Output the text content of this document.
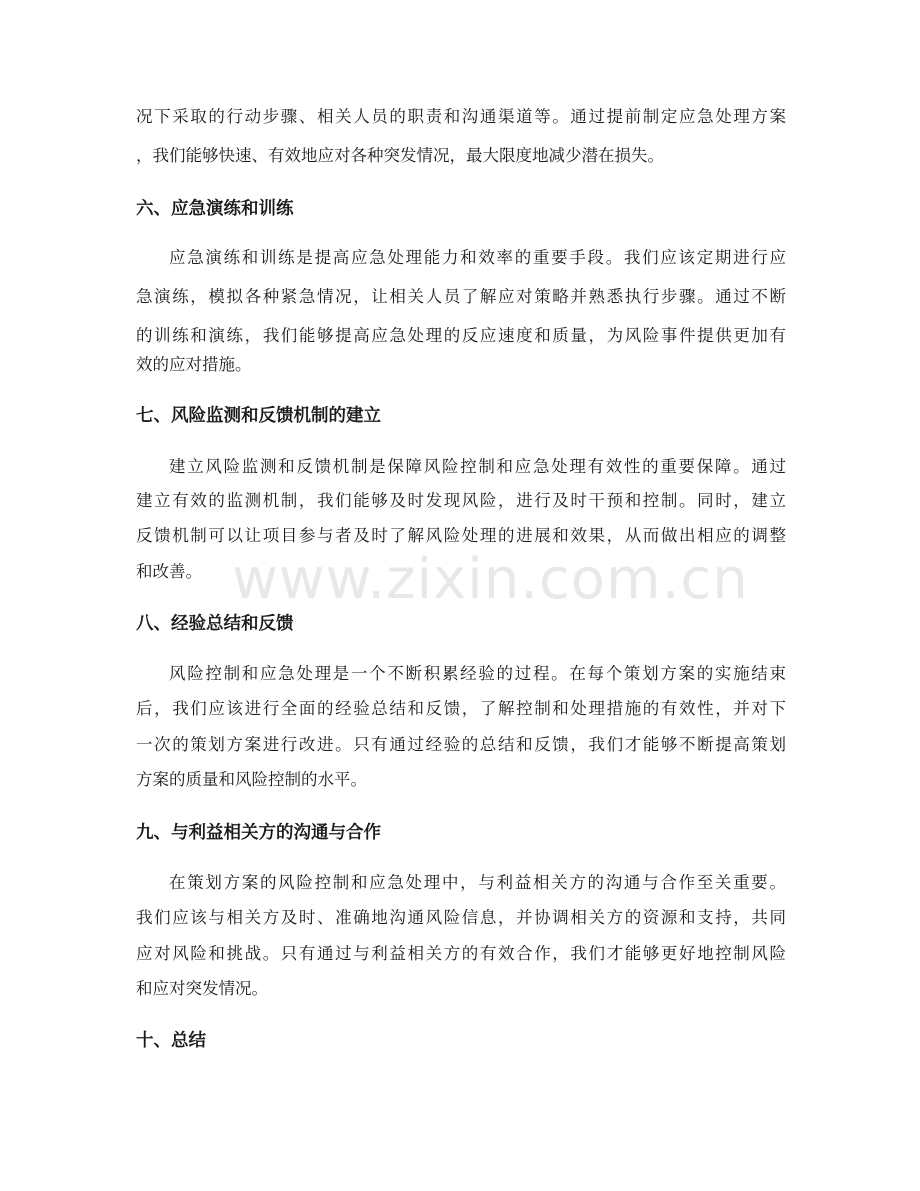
www.zixin.com.cn
况下采取的行动步骤、相关人员的职责和沟通渠道等。通过提前制定应急处理方案
，我们能够快速、有效地应对各种突发情况，最大限度地减少潜在损失。
六、应急演练和训练
应急演练和训练是提高应急处理能力和效率的重要手段。我们应该定期进行应
急演练，模拟各种紧急情况，让相关人员了解应对策略并熟悉执行步骤。通过不断
的训练和演练，我们能够提高应急处理的反应速度和质量，为风险事件提供更加有
效的应对措施。
七、风险监测和反馈机制的建立
建立风险监测和反馈机制是保障风险控制和应急处理有效性的重要保障。通过
建立有效的监测机制，我们能够及时发现风险，进行及时干预和控制。同时，建立
反馈机制可以让项目参与者及时了解风险处理的进展和效果，从而做出相应的调整
和改善。
八、经验总结和反馈
风险控制和应急处理是一个不断积累经验的过程。在每个策划方案的实施结束
后，我们应该进行全面的经验总结和反馈，了解控制和处理措施的有效性，并对下
一次的策划方案进行改进。只有通过经验的总结和反馈，我们才能够不断提高策划
方案的质量和风险控制的水平。
九、与利益相关方的沟通与合作
在策划方案的风险控制和应急处理中，与利益相关方的沟通与合作至关重要。
我们应该与相关方及时、准确地沟通风险信息，并协调相关方的资源和支持，共同
应对风险和挑战。只有通过与利益相关方的有效合作，我们才能够更好地控制风险
和应对突发情况。
十、总结
